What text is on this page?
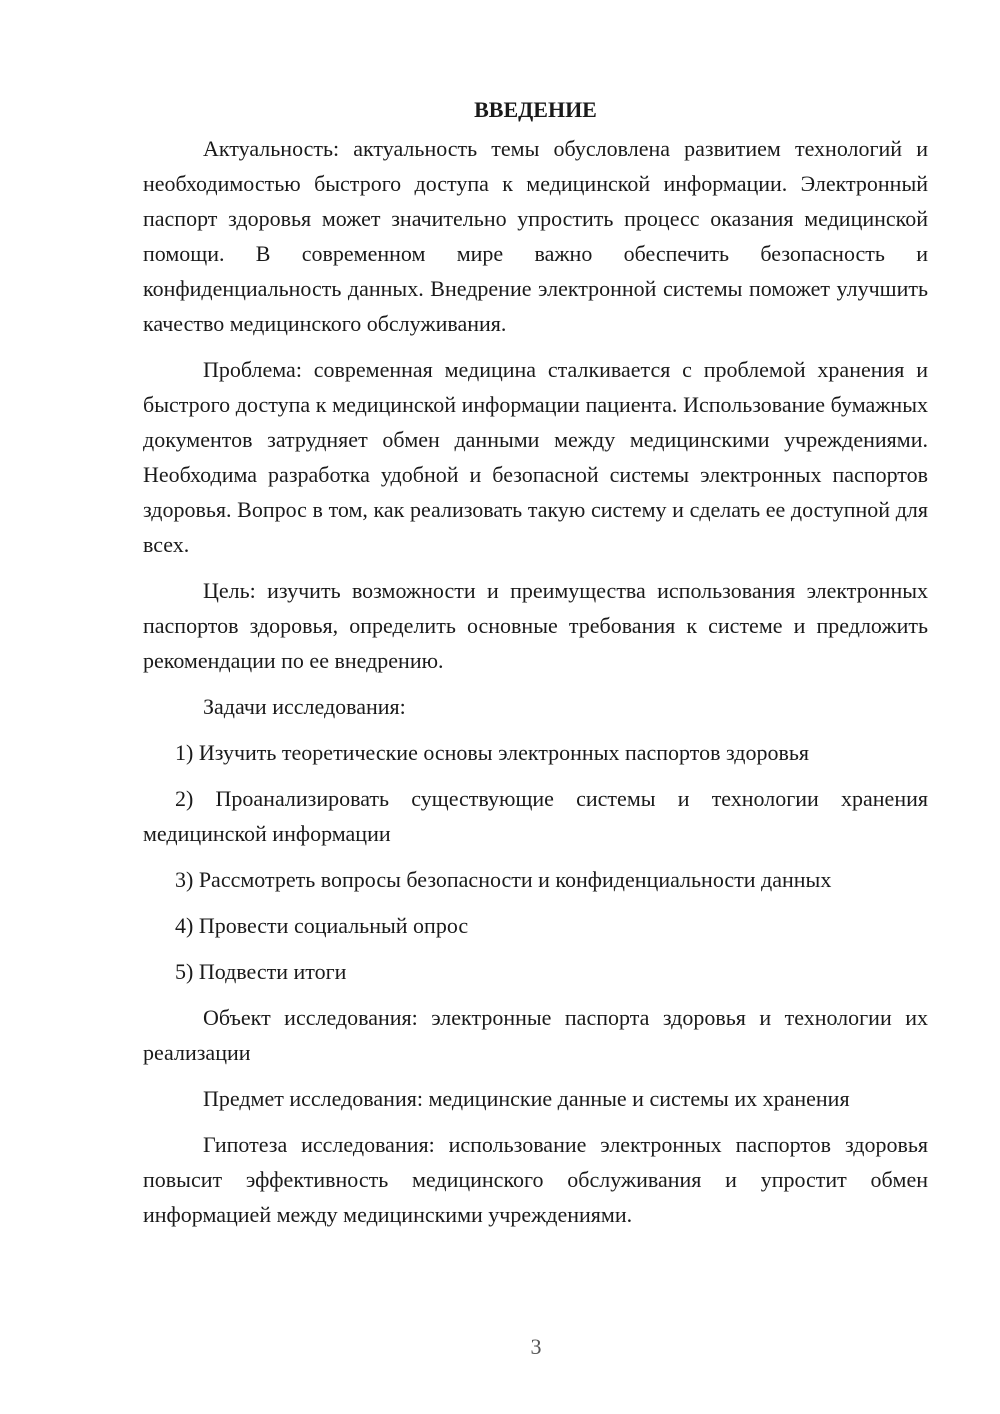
ВВЕДЕНИЕ

Актуальность: актуальность темы обусловлена развитием технологий и необходимостью быстрого доступа к медицинской информации. Электронный паспорт здоровья может значительно упростить процесс оказания медицинской помощи. В современном мире важно обеспечить безопасность и конфиденциальность данных. Внедрение электронной системы поможет улучшить качество медицинского обслуживания.

Проблема: современная медицина сталкивается с проблемой хранения и быстрого доступа к медицинской информации пациента. Использование бумажных документов затрудняет обмен данными между медицинскими учреждениями. Необходима разработка удобной и безопасной системы электронных паспортов здоровья. Вопрос в том, как реализовать такую систему и сделать ее доступной для всех.

Цель: изучить возможности и преимущества использования электронных паспортов здоровья, определить основные требования к системе и предложить рекомендации по ее внедрению.

Задачи исследования:

1) Изучить теоретические основы электронных паспортов здоровья

2) Проанализировать существующие системы и технологии хранения медицинской информации

3) Рассмотреть вопросы безопасности и конфиденциальности данных

4) Провести социальный опрос

5) Подвести итоги

Объект исследования: электронные паспорта здоровья и технологии их реализации

Предмет исследования: медицинские данные и системы их хранения

Гипотеза исследования: использование электронных паспортов здоровья повысит эффективность медицинского обслуживания и упростит обмен информацией между медицинскими учреждениями.

3
